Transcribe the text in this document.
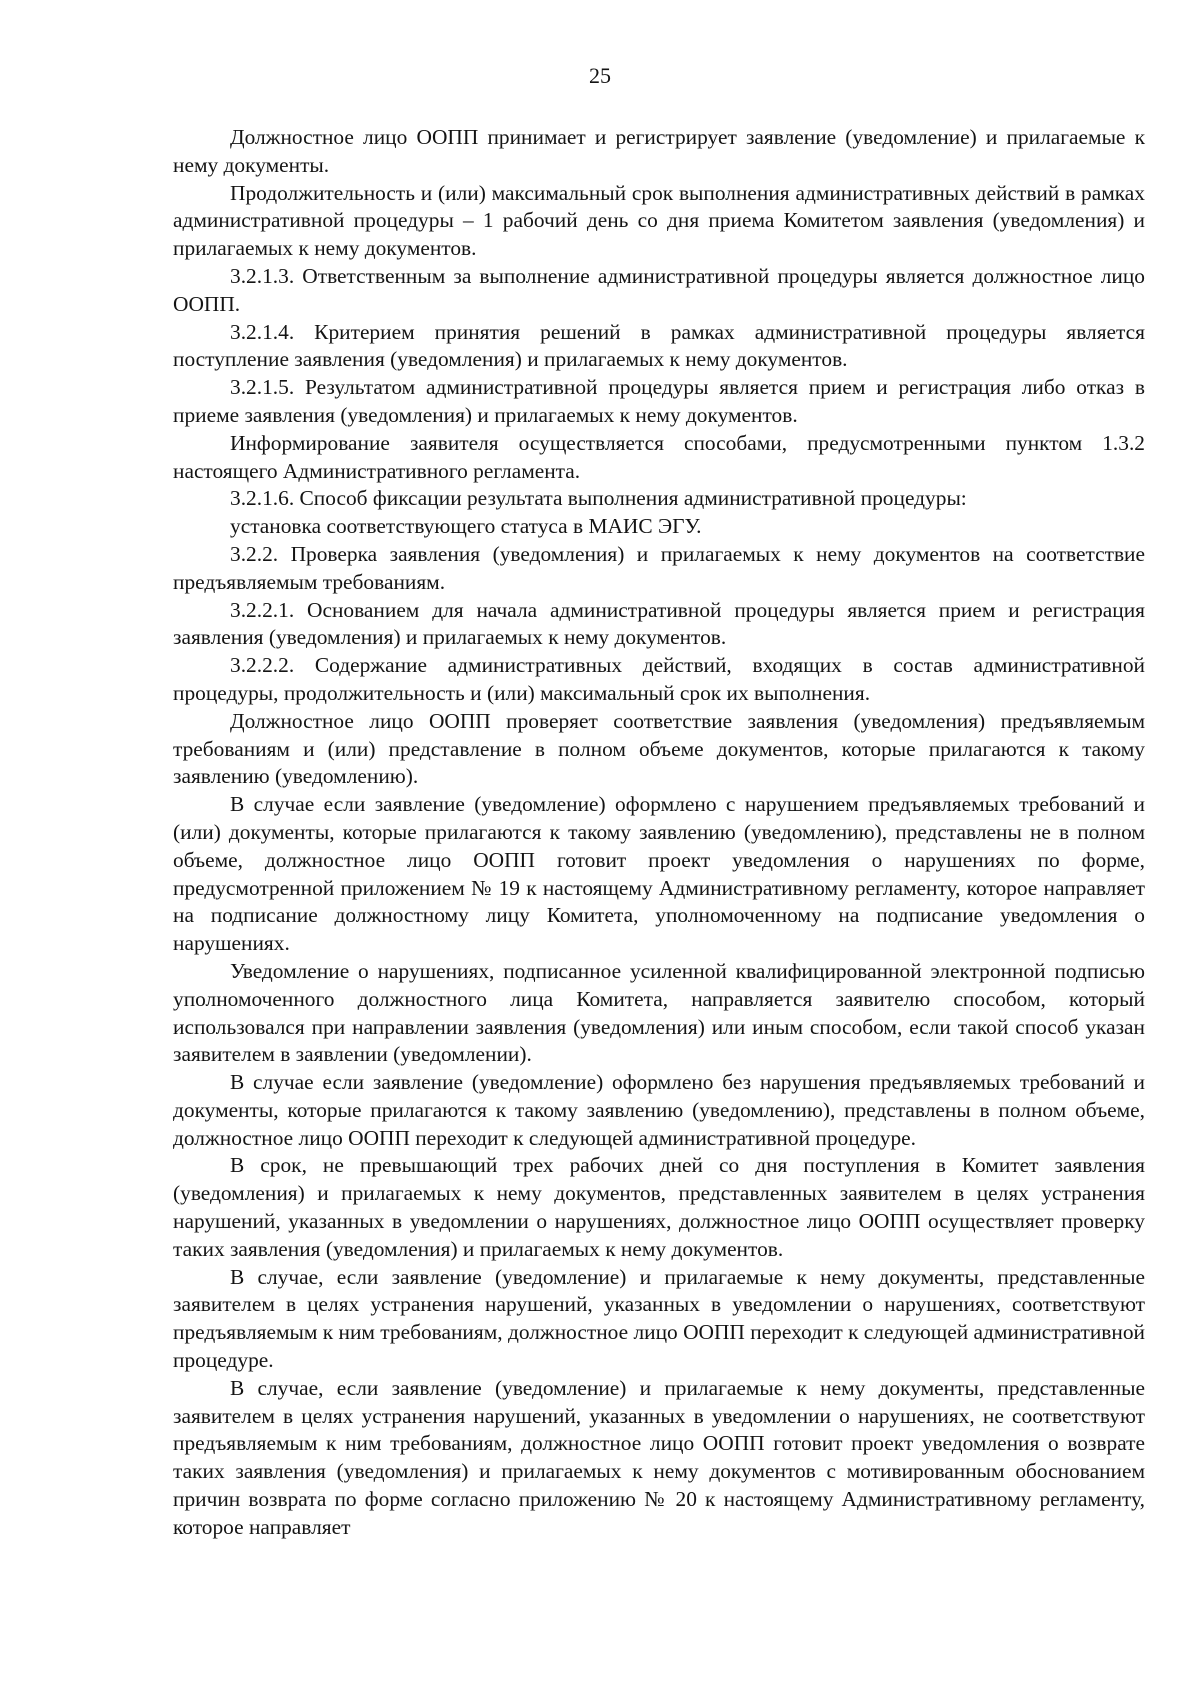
25

Должностное лицо ООПП принимает и регистрирует заявление (уведомление) и прилагаемые к нему документы.

Продолжительность и (или) максимальный срок выполнения административных действий в рамках административной процедуры – 1 рабочий день со дня приема Комитетом заявления (уведомления) и прилагаемых к нему документов.

3.2.1.3. Ответственным за выполнение административной процедуры является должностное лицо ООПП.

3.2.1.4. Критерием принятия решений в рамках административной процедуры является поступление заявления (уведомления) и прилагаемых к нему документов.

3.2.1.5. Результатом административной процедуры является прием и регистрация либо отказ в приеме заявления (уведомления) и прилагаемых к нему документов.

Информирование заявителя осуществляется способами, предусмотренными пунктом 1.3.2 настоящего Административного регламента.

3.2.1.6. Способ фиксации результата выполнения административной процедуры:

установка соответствующего статуса в МАИС ЭГУ.

3.2.2. Проверка заявления (уведомления) и прилагаемых к нему документов на соответствие предъявляемым требованиям.

3.2.2.1. Основанием для начала административной процедуры является прием и регистрация заявления (уведомления) и прилагаемых к нему документов.

3.2.2.2. Содержание административных действий, входящих в состав административной процедуры, продолжительность и (или) максимальный срок их выполнения.

Должностное лицо ООПП проверяет соответствие заявления (уведомления) предъявляемым требованиям и (или) представление в полном объеме документов, которые прилагаются к такому заявлению (уведомлению).

В случае если заявление (уведомление) оформлено с нарушением предъявляемых требований и (или) документы, которые прилагаются к такому заявлению (уведомлению), представлены не в полном объеме, должностное лицо ООПП готовит проект уведомления о нарушениях по форме, предусмотренной приложением № 19 к настоящему Административному регламенту, которое направляет на подписание должностному лицу Комитета, уполномоченному на подписание уведомления о нарушениях.

Уведомление о нарушениях, подписанное усиленной квалифицированной электронной подписью уполномоченного должностного лица Комитета, направляется заявителю способом, который использовался при направлении заявления (уведомления) или иным способом, если такой способ указан заявителем в заявлении (уведомлении).

В случае если заявление (уведомление) оформлено без нарушения предъявляемых требований и документы, которые прилагаются к такому заявлению (уведомлению), представлены в полном объеме, должностное лицо ООПП переходит к следующей административной процедуре.

В срок, не превышающий трех рабочих дней со дня поступления в Комитет заявления (уведомления) и прилагаемых к нему документов, представленных заявителем в целях устранения нарушений, указанных в уведомлении о нарушениях, должностное лицо ООПП осуществляет проверку таких заявления (уведомления) и прилагаемых к нему документов.

В случае, если заявление (уведомление) и прилагаемые к нему документы, представленные заявителем в целях устранения нарушений, указанных в уведомлении о нарушениях, соответствуют предъявляемым к ним требованиям, должностное лицо ООПП переходит к следующей административной процедуре.

В случае, если заявление (уведомление) и прилагаемые к нему документы, представленные заявителем в целях устранения нарушений, указанных в уведомлении о нарушениях, не соответствуют предъявляемым к ним требованиям, должностное лицо ООПП готовит проект уведомления о возврате таких заявления (уведомления) и прилагаемых к нему документов с мотивированным обоснованием причин возврата по форме согласно приложению № 20 к настоящему Административному регламенту, которое направляет
